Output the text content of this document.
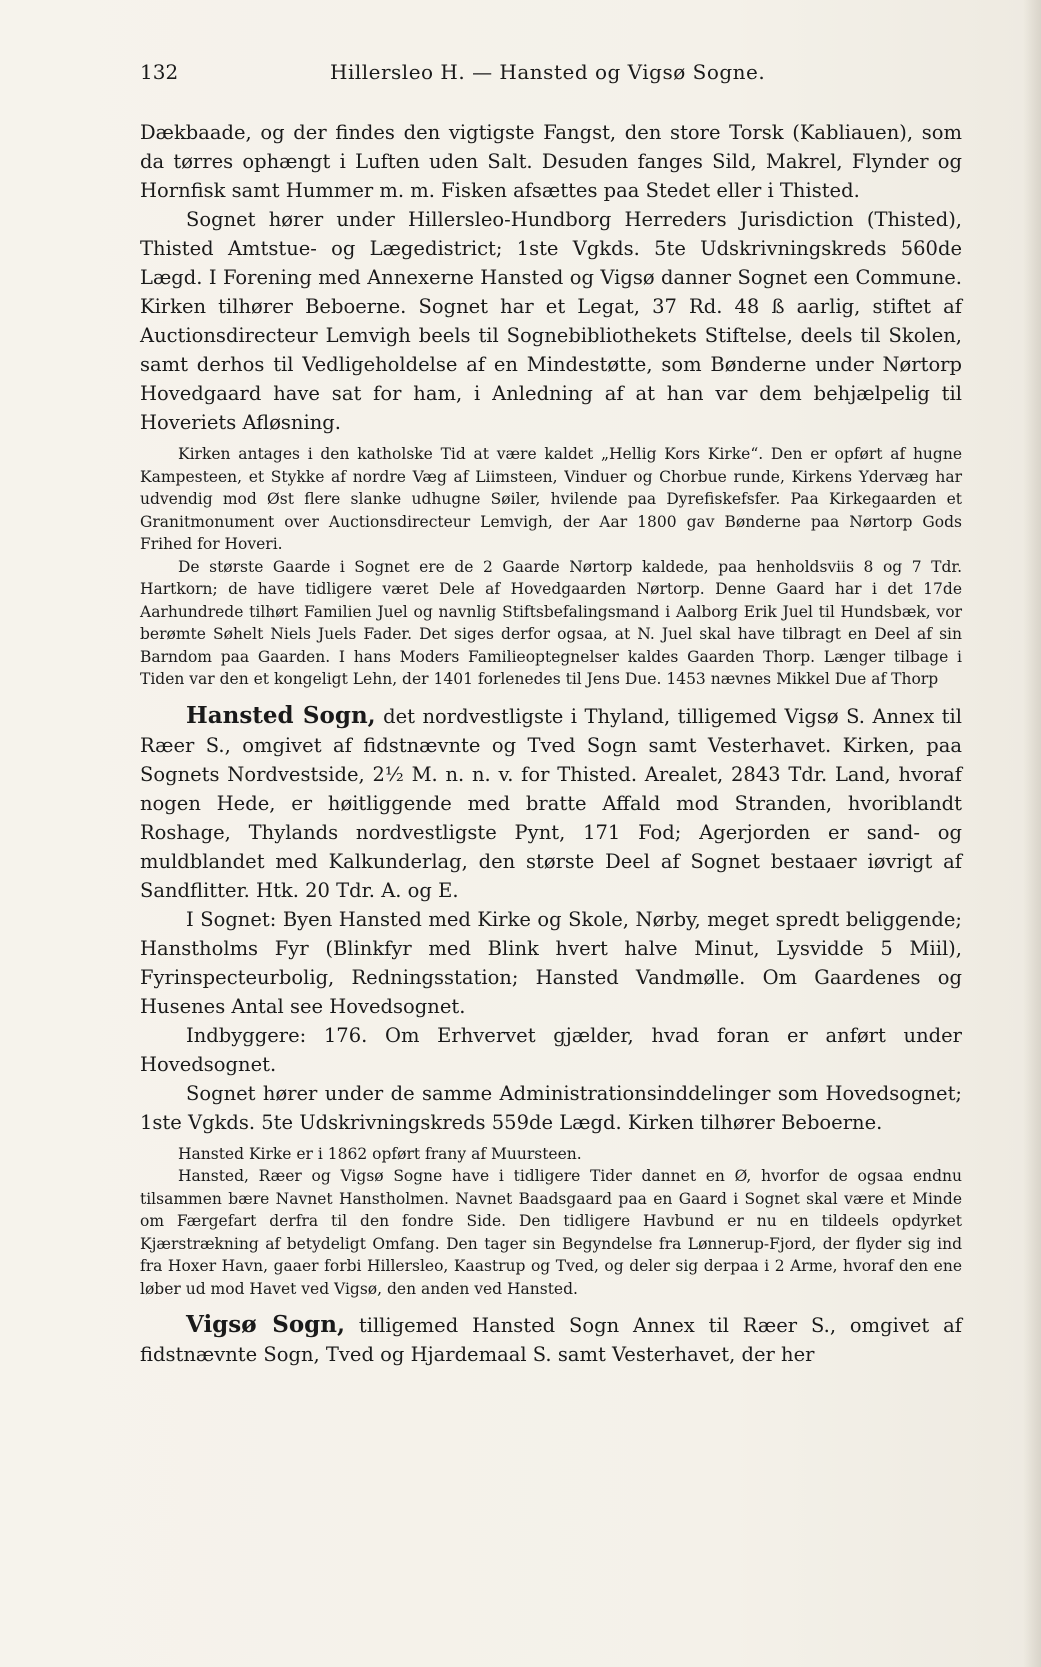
132	Hillersleo H. — Hansted og Vigsø Sogne.

Dækbaade, og der findes den vigtigste Fangst, den store Torsk (Kabliauen), som da tørres ophængt i Luften uden Salt. Desuden fanges Sild, Makrel, Flynder og Hornfisk samt Hummer m. m. Fisken afsættes paa Stedet eller i Thisted.

Sognet hører under Hillersleo-Hundborg Herreders Jurisdiction (Thisted), Thisted Amtstue- og Lægedistrict; 1ste Vgkds. 5te Udskrivningskreds 560de Lægd. I Forening med Annexerne Hansted og Vigsø danner Sognet een Commune. Kirken tilhører Beboerne. Sognet har et Legat, 37 Rd. 48 ß aarlig, stiftet af Auctionsdirecteur Lemvigh beels til Sognebibliothekets Stiftelse, deels til Skolen, samt derhos til Vedligeholdelse af en Mindestøtte, som Bønderne under Nørtorp Hovedgaard have sat for ham, i Anledning af at han var dem behjælpelig til Hoveriets Afløsning.

Kirken antages i den katholske Tid at være kaldet „Hellig Kors Kirke“. Den er opført af hugne Kampesteen, et Stykke af nordre Væg af Liimsteen, Vinduer og Chorbue runde, Kirkens Ydervæg har udvendig mod Øst flere slanke udhugne Søiler, hvilende paa Dyrefiskefsfer. Paa Kirkegaarden et Granitmonument over Auctionsdirecteur Lemvigh, der Aar 1800 gav Bønderne paa Nørtorp Gods Frihed for Hoveri.

De største Gaarde i Sognet ere de 2 Gaarde Nørtorp kaldede, paa henholdsviis 8 og 7 Tdr. Hartkorn; de have tidligere været Dele af Hovedgaarden Nørtorp. Denne Gaard har i det 17de Aarhundrede tilhørt Familien Juel og navnlig Stiftsbefalingsmand i Aalborg Erik Juel til Hundsbæk, vor berømte Søhelt Niels Juels Fader. Det siges derfor ogsaa, at N. Juel skal have tilbragt en Deel af sin Barndom paa Gaarden. I hans Moders Familieoptegnelser kaldes Gaarden Thorp. Længer tilbage i Tiden var den et kongeligt Lehn, der 1401 forlenedes til Jens Due. 1453 nævnes Mikkel Due af Thorp

Hansted Sogn, det nordvestligste i Thyland, tilligemed Vigsø S. Annex til Ræer S., omgivet af fidstnævnte og Tved Sogn samt Vesterhavet. Kirken, paa Sognets Nordvestside, 2½ M. n. n. v. for Thisted. Arealet, 2843 Tdr. Land, hvoraf nogen Hede, er høitliggende med bratte Affald mod Stranden, hvoriblandt Roshage, Thylands nordvestligste Pynt, 171 Fod; Agerjorden er sand- og muldblandet med Kalkunderlag, den største Deel af Sognet bestaaer iøvrigt af Sandflitter. Htk. 20 Tdr. A. og E.

I Sognet: Byen Hansted med Kirke og Skole, Nørby, meget spredt beliggende; Hanstholms Fyr (Blinkfyr med Blink hvert halve Minut, Lysvidde 5 Miil), Fyrinspecteurbolig, Redningsstation; Hansted Vandmølle. Om Gaardenes og Husenes Antal see Hovedsognet.

Indbyggere: 176. Om Erhvervet gjælder, hvad foran er anført under Hovedsognet.

Sognet hører under de samme Administrationsinddelinger som Hovedsognet; 1ste Vgkds. 5te Udskrivningskreds 559de Lægd. Kirken tilhører Beboerne.

Hansted Kirke er i 1862 opført frany af Muursteen.

Hansted, Ræer og Vigsø Sogne have i tidligere Tider dannet en Ø, hvorfor de ogsaa endnu tilsammen bære Navnet Hanstholmen. Navnet Baadsgaard paa en Gaard i Sognet skal være et Minde om Færgefart derfra til den fondre Side. Den tidligere Havbund er nu en tildeels opdyrket Kjærstrækning af betydeligt Omfang. Den tager sin Begyndelse fra Lønnerup-Fjord, der flyder sig ind fra Hoxer Havn, gaaer forbi Hillersleo, Kaastrup og Tved, og deler sig derpaa i 2 Arme, hvoraf den ene løber ud mod Havet ved Vigsø, den anden ved Hansted.

Vigsø Sogn, tilligemed Hansted Sogn Annex til Ræer S., omgivet af fidstnævnte Sogn, Tved og Hjardemaal S. samt Vesterhavet, der her
